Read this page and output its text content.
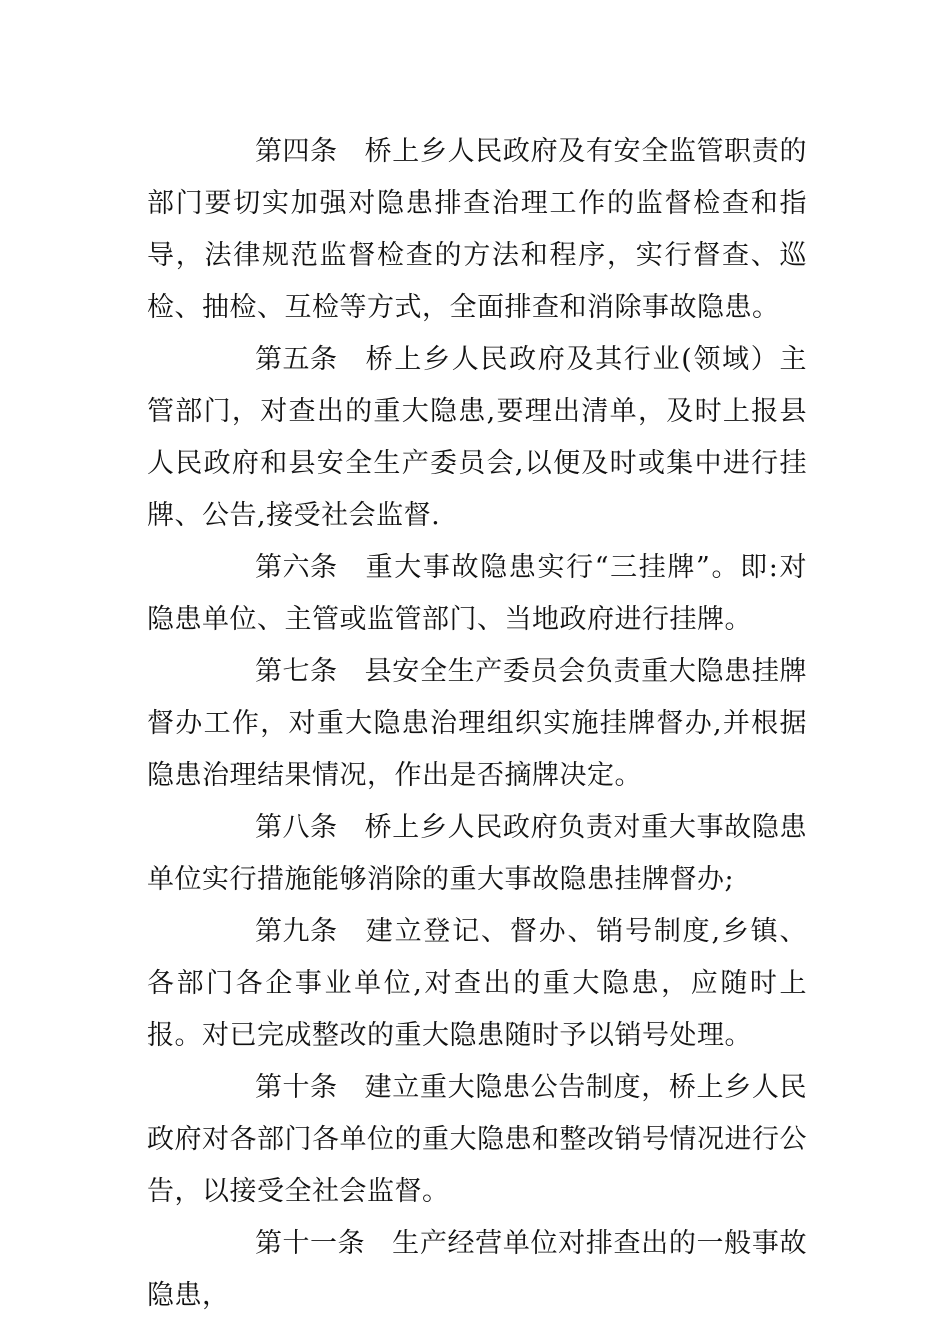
第四条 桥上乡人民政府及有安全监管职责的部门要切实加强对隐患排查治理工作的监督检查和指导，法律规范监督检查的方法和程序，实行督查、巡检、抽检、互检等方式，全面排查和消除事故隐患。

第五条 桥上乡人民政府及其行业(领域）主管部门，对查出的重大隐患,要理出清单，及时上报县人民政府和县安全生产委员会,以便及时或集中进行挂牌、公告,接受社会监督.

第六条 重大事故隐患实行“三挂牌”。即:对隐患单位、主管或监管部门、当地政府进行挂牌。

第七条 县安全生产委员会负责重大隐患挂牌督办工作，对重大隐患治理组织实施挂牌督办,并根据隐患治理结果情况，作出是否摘牌决定。

第八条 桥上乡人民政府负责对重大事故隐患单位实行措施能够消除的重大事故隐患挂牌督办;

第九条 建立登记、督办、销号制度,乡镇、各部门各企事业单位,对查出的重大隐患，应随时上报。对已完成整改的重大隐患随时予以销号处理。

第十条 建立重大隐患公告制度，桥上乡人民政府对各部门各单位的重大隐患和整改销号情况进行公告，以接受全社会监督。

第十一条 生产经营单位对排查出的一般事故隐患，
